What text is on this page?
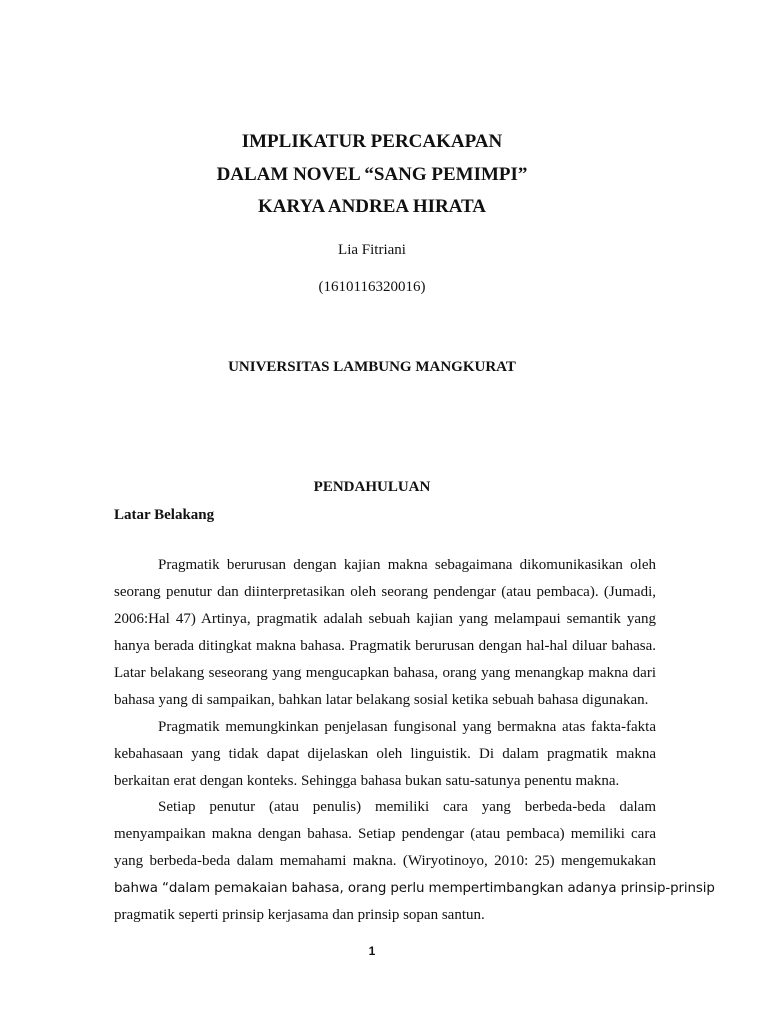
IMPLIKATUR PERCAKAPAN
DALAM NOVEL “SANG PEMIMPI”
KARYA ANDREA HIRATA
Lia Fitriani
(1610116320016)
UNIVERSITAS LAMBUNG MANGKURAT
PENDAHULUAN
Latar Belakang
Pragmatik berurusan dengan kajian makna sebagaimana dikomunikasikan oleh
seorang penutur dan diinterpretasikan oleh seorang pendengar (atau pembaca). (Jumadi,
2006:Hal 47) Artinya, pragmatik adalah sebuah kajian yang melampaui semantik yang
hanya berada ditingkat makna bahasa. Pragmatik berurusan dengan hal-hal diluar bahasa.
Latar belakang seseorang yang mengucapkan bahasa, orang yang menangkap makna dari
bahasa yang di sampaikan, bahkan latar belakang sosial ketika sebuah bahasa digunakan.
Pragmatik memungkinkan penjelasan fungisonal yang bermakna atas fakta-fakta
kebahasaan yang tidak dapat dijelaskan oleh linguistik. Di dalam pragmatik makna
berkaitan erat dengan konteks. Sehingga bahasa bukan satu-satunya penentu makna.
Setiap penutur (atau penulis) memiliki cara yang berbeda-beda dalam
menyampaikan makna dengan bahasa. Setiap pendengar (atau pembaca) memiliki cara
yang berbeda-beda dalam memahami makna. (Wiryotinoyo, 2010: 25) mengemukakan
bahwa “dalam pemakaian bahasa, orang perlu mempertimbangkan adanya prinsip-prinsip
pragmatik seperti prinsip kerjasama dan prinsip sopan santun.
1
